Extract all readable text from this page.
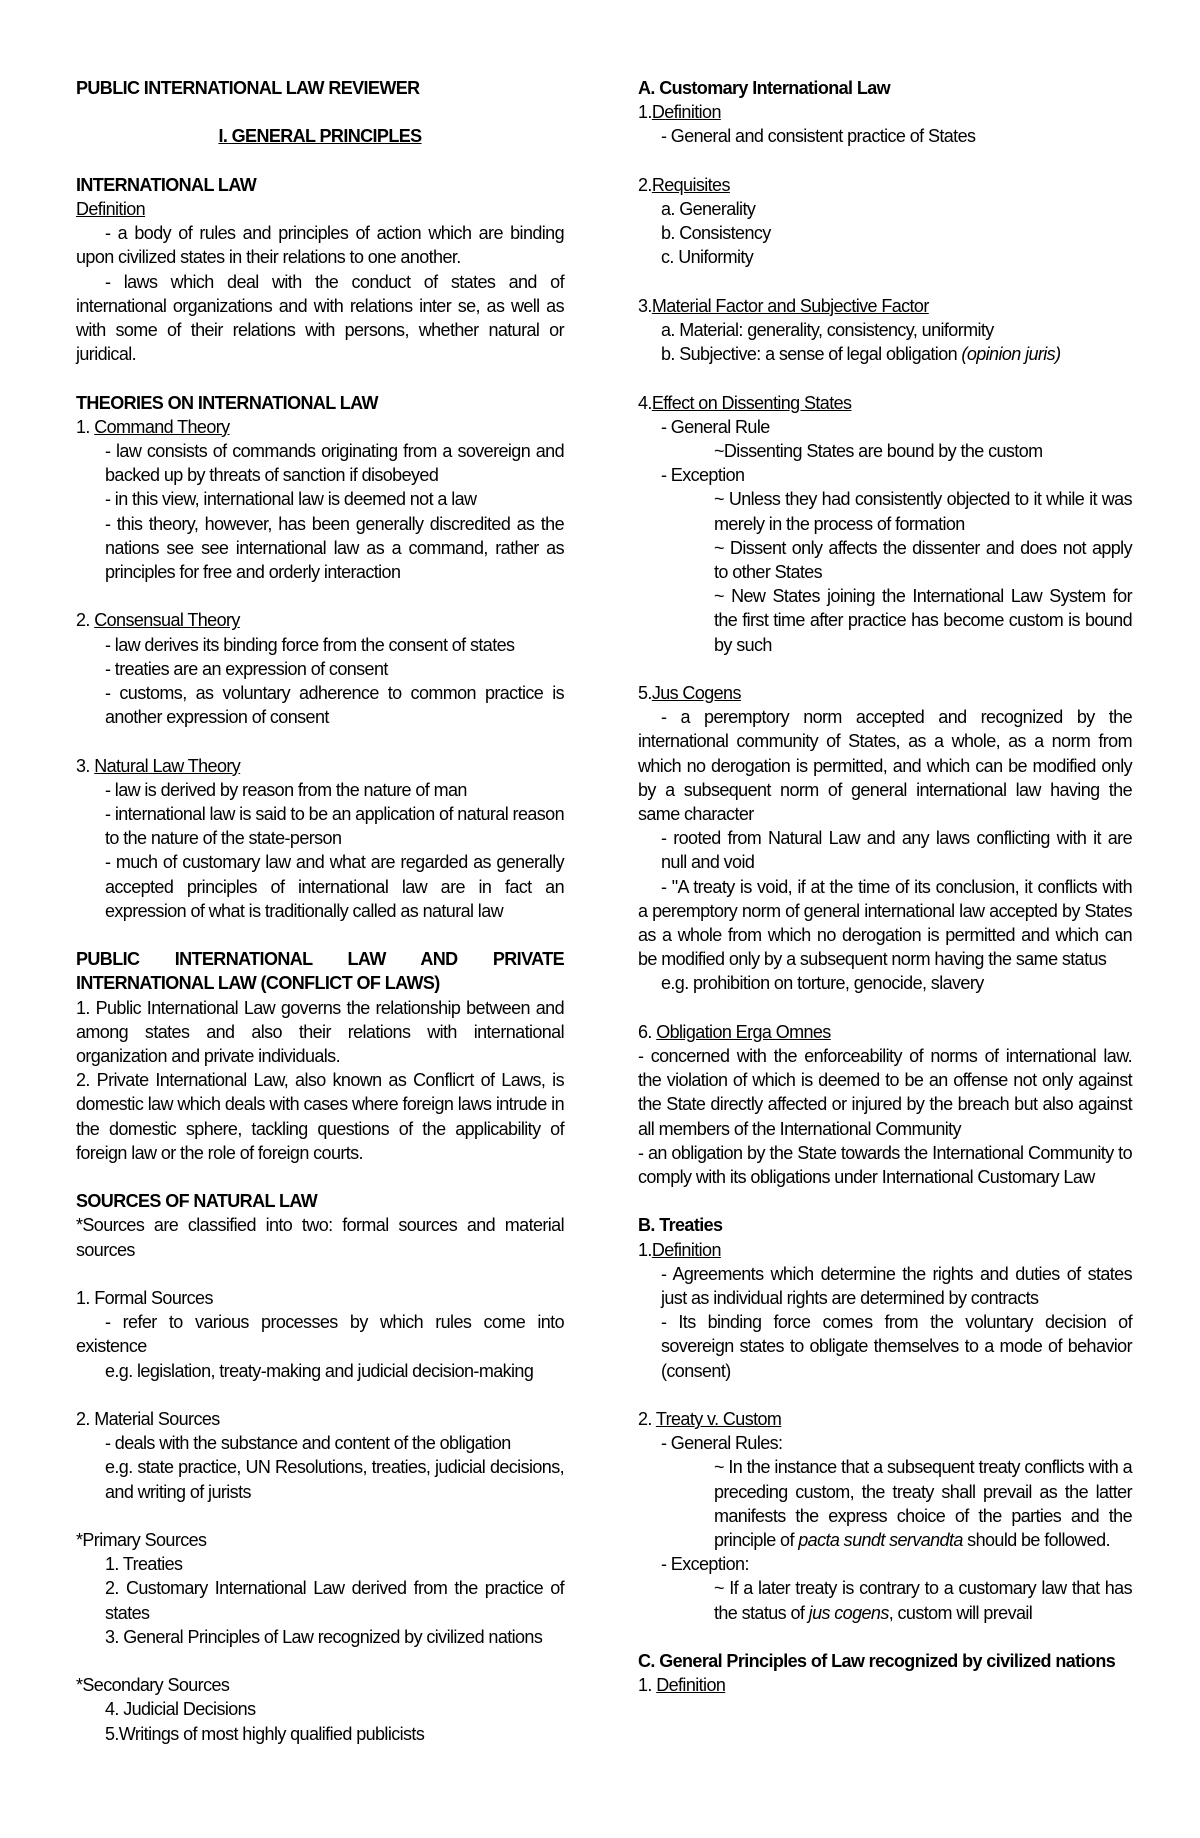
PUBLIC INTERNATIONAL LAW REVIEWER

I. GENERAL PRINCIPLES

INTERNATIONAL LAW

Definition

- a body of rules and principles of action which are binding upon civilized states in their relations to one another.

- laws which deal with the conduct of states and of international organizations and with relations inter se, as well as with some of their relations with persons, whether natural or juridical.

THEORIES ON INTERNATIONAL LAW

1. Command Theory

- law consists of commands originating from a sovereign and backed up by threats of sanction if disobeyed

- in this view, international law is deemed not a law

- this theory, however, has been generally discredited as the nations see see international law as a command, rather as principles for free and orderly interaction

2. Consensual Theory

- law derives its binding force from the consent of states

- treaties are an expression of consent

- customs, as voluntary adherence to common practice is another expression of consent

3. Natural Law Theory

- law is derived by reason from the nature of man

- international law is said to be an application of natural reason to the nature of the state-person

- much of customary law and what are regarded as generally accepted principles of international law are in fact an expression of what is traditionally called as natural law

PUBLIC INTERNATIONAL LAW AND PRIVATE INTERNATIONAL LAW (CONFLICT OF LAWS)

1. Public International Law governs the relationship between and among states and also their relations with international organization and private individuals.

2. Private International Law, also known as Conflicrt of Laws, is domestic law which deals with cases where foreign laws intrude in the domestic sphere, tackling questions of the applicability of foreign law or the role of foreign courts.

SOURCES OF NATURAL LAW

*Sources are classified into two: formal sources and material sources

1. Formal Sources

- refer to various processes by which rules come into existence

e.g. legislation, treaty-making and judicial decision-making

2. Material Sources

- deals with the substance and content of the obligation

e.g. state practice, UN Resolutions, treaties, judicial decisions, and writing of jurists

*Primary Sources

1. Treaties

2. Customary International Law derived from the practice of states

3. General Principles of Law recognized by civilized nations

*Secondary Sources

4. Judicial Decisions

5.Writings of most highly qualified publicists

A. Customary International Law

1.Definition

- General and consistent practice of States

2.Requisites

a. Generality

b. Consistency

c. Uniformity

3.Material Factor and Subjective Factor

a. Material: generality, consistency, uniformity

b. Subjective: a sense of legal obligation (opinion juris)

4.Effect on Dissenting States

- General Rule

~Dissenting States are bound by the custom

- Exception

~ Unless they had consistently objected to it while it was merely in the process of formation

~ Dissent only affects the dissenter and does not apply to other States

~ New States joining the International Law System for the first time after practice has become custom is bound by such

5.Jus Cogens

- a peremptory norm accepted and recognized by the international community of States, as a whole, as a norm from which no derogation is permitted, and which can be modified only by a subsequent norm of general international law having the same character

- rooted from Natural Law and any laws conflicting with it are null and void

- "A treaty is void, if at the time of its conclusion, it conflicts with a peremptory norm of general international law accepted by States as a whole from which no derogation is permitted and which can be modified only by a subsequent norm having the same status

e.g. prohibition on torture, genocide, slavery

6. Obligation Erga Omnes

- concerned with the enforceability of norms of international law. the violation of which is deemed to be an offense not only against the State directly affected or injured by the breach but also against all members of the International Community

- an obligation by the State towards the International Community to comply with its obligations under International Customary Law

B. Treaties

1.Definition

- Agreements which determine the rights and duties of states just as individual rights are determined by contracts

- Its binding force comes from the voluntary decision of sovereign states to obligate themselves to a mode of behavior (consent)

2. Treaty v. Custom

- General Rules:

~ In the instance that a subsequent treaty conflicts with a preceding custom, the treaty shall prevail as the latter manifests the express choice of the parties and the principle of pacta sundt servandta should be followed.

- Exception:

~ If a later treaty is contrary to a customary law that has the status of jus cogens, custom will prevail

C. General Principles of Law recognized by civilized nations

1. Definition
